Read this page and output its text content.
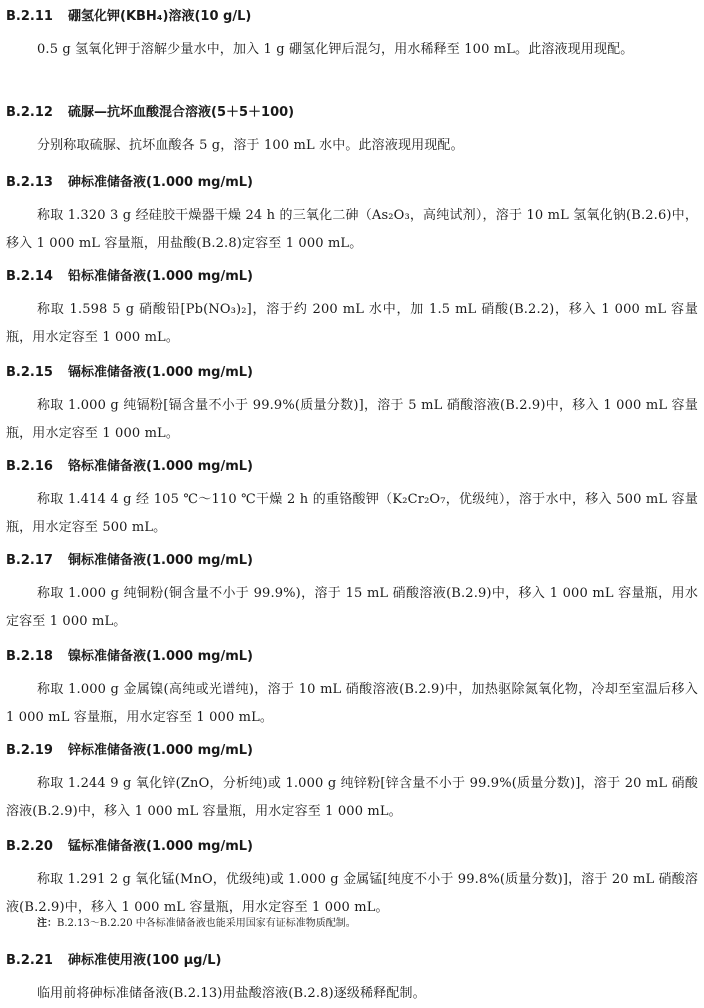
B.2.11 硼氢化钾(KBH₄)溶液(10 g/L)
0.5 g 氢氧化钾于溶解少量水中，加入 1 g 硼氢化钾后混匀，用水稀释至 100 mL。此溶液现用现配。
B.2.12 硫脲—抗坏血酸混合溶液(5＋5＋100)
分别称取硫脲、抗坏血酸各 5 g，溶于 100 mL 水中。此溶液现用现配。
B.2.13 砷标准储备液(1.000 mg/mL)
称取 1.320 3 g 经硅胶干燥器干燥 24 h 的三氧化二砷（As₂O₃，高纯试剂），溶于 10 mL 氢氧化钠(B.2.6)中，移入 1 000 mL 容量瓶，用盐酸(B.2.8)定容至 1 000 mL。
B.2.14 铅标准储备液(1.000 mg/mL)
称取 1.598 5 g 硝酸铅[Pb(NO₃)₂]，溶于约 200 mL 水中，加 1.5 mL 硝酸(B.2.2)，移入 1 000 mL 容量瓶，用水定容至 1 000 mL。
B.2.15 镉标准储备液(1.000 mg/mL)
称取 1.000 g 纯镉粉[镉含量不小于 99.9%(质量分数)]，溶于 5 mL 硝酸溶液(B.2.9)中，移入 1 000 mL 容量瓶，用水定容至 1 000 mL。
B.2.16 铬标准储备液(1.000 mg/mL)
称取 1.414 4 g 经 105 ℃～110 ℃干燥 2 h 的重铬酸钾（K₂Cr₂O₇，优级纯），溶于水中，移入 500 mL 容量瓶，用水定容至 500 mL。
B.2.17 铜标准储备液(1.000 mg/mL)
称取 1.000 g 纯铜粉(铜含量不小于 99.9%)，溶于 15 mL 硝酸溶液(B.2.9)中，移入 1 000 mL 容量瓶，用水定容至 1 000 mL。
B.2.18 镍标准储备液(1.000 mg/mL)
称取 1.000 g 金属镍(高纯或光谱纯)，溶于 10 mL 硝酸溶液(B.2.9)中，加热驱除氮氧化物，冷却至室温后移入 1 000 mL 容量瓶，用水定容至 1 000 mL。
B.2.19 锌标准储备液(1.000 mg/mL)
称取 1.244 9 g 氧化锌(ZnO，分析纯)或 1.000 g 纯锌粉[锌含量不小于 99.9%(质量分数)]，溶于 20 mL 硝酸溶液(B.2.9)中，移入 1 000 mL 容量瓶，用水定容至 1 000 mL。
B.2.20 锰标准储备液(1.000 mg/mL)
称取 1.291 2 g 氧化锰(MnO，优级纯)或 1.000 g 金属锰[纯度不小于 99.8%(质量分数)]，溶于 20 mL 硝酸溶液(B.2.9)中，移入 1 000 mL 容量瓶，用水定容至 1 000 mL。
注：B.2.13～B.2.20 中各标准储备液也能采用国家有证标准物质配制。
B.2.21 砷标准使用液(100 μg/L)
临用前将砷标准储备液(B.2.13)用盐酸溶液(B.2.8)逐级稀释配制。
